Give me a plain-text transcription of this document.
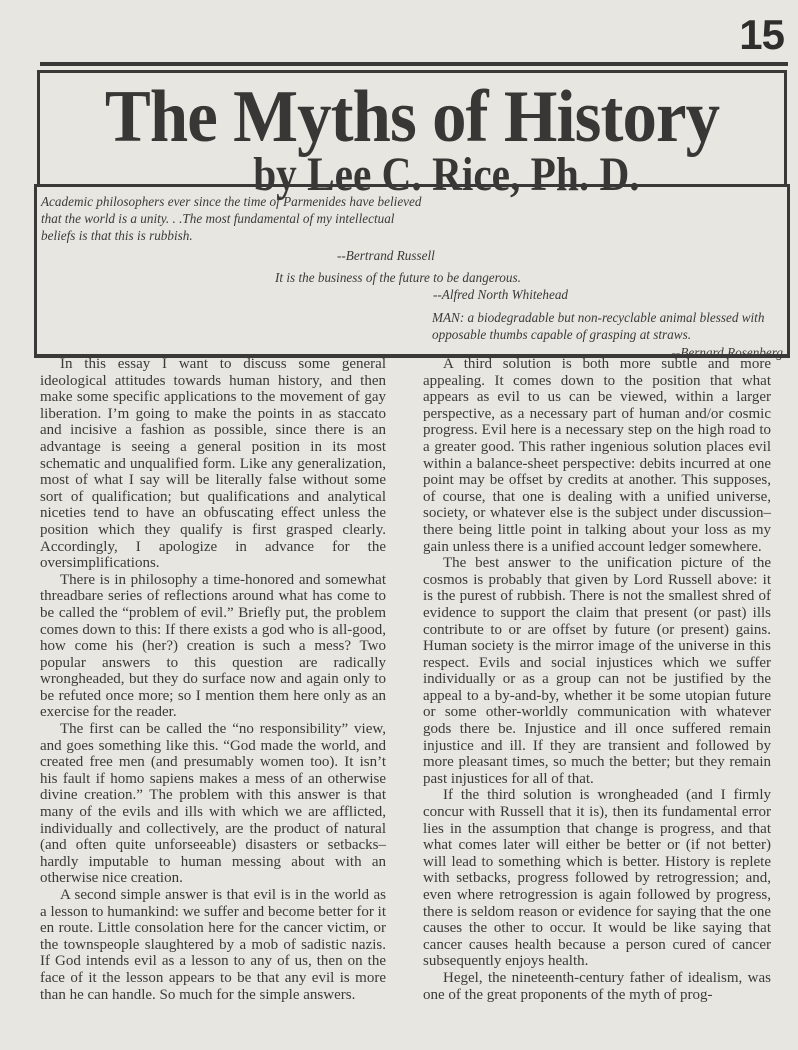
15
The Myths of History
by Lee C. Rice, Ph. D.
Academic philosophers ever since the time of Parmenides have believed that the world is a unity. . .The most fundamental of my intellectual beliefs is that this is rubbish.
--Bertrand Russell
It is the business of the future to be dangerous.
--Alfred North Whitehead
MAN: a biodegradable but non-recyclable animal blessed with opposable thumbs capable of grasping at straws.
--Bernard Rosenberg

In this essay I want to discuss some general ideological attitudes towards human history, and then make some specific applications to the movement of gay liberation. I’m going to make the points in as staccato and incisive a fashion as possible, since there is an advantage is seeing a general position in its most schematic and unqualified form. Like any generalization, most of what I say will be literally false without some sort of qualification; but qualifications and analytical niceties tend to have an obfuscating effect unless the position which they qualify is first grasped clearly. Accordingly, I apologize in advance for the oversimplifications.

There is in philosophy a time-honored and somewhat threadbare series of reflections around what has come to be called the “problem of evil.” Briefly put, the problem comes down to this: If there exists a god who is all-good, how come his (her?) creation is such a mess? Two popular answers to this question are radically wrongheaded, but they do surface now and again only to be refuted once more; so I mention them here only as an exercise for the reader.

The first can be called the “no responsibility” view, and goes something like this. “God made the world, and created free men (and presumably women too). It isn’t his fault if homo sapiens makes a mess of an otherwise divine creation.” The problem with this answer is that many of the evils and ills with which we are afflicted, individually and collectively, are the product of natural (and often quite unforseeable) disasters or setbacks–hardly imputable to human messing about with an otherwise nice creation.

A second simple answer is that evil is in the world as a lesson to humankind: we suffer and become better for it en route. Little consolation here for the cancer victim, or the townspeople slaughtered by a mob of sadistic nazis. If God intends evil as a lesson to any of us, then on the face of it the lesson appears to be that any evil is more than he can handle. So much for the simple answers.

A third solution is both more subtle and more appealing. It comes down to the position that what appears as evil to us can be viewed, within a larger perspective, as a necessary part of human and/or cosmic progress. Evil here is a necessary step on the high road to a greater good. This rather ingenious solution places evil within a balance-sheet perspective: debits incurred at one point may be offset by credits at another. This supposes, of course, that one is dealing with a unified universe, society, or whatever else is the subject under discussion–there being little point in talking about your loss as my gain unless there is a unified account ledger somewhere.

The best answer to the unification picture of the cosmos is probably that given by Lord Russell above: it is the purest of rubbish. There is not the smallest shred of evidence to support the claim that present (or past) ills contribute to or are offset by future (or present) gains. Human society is the mirror image of the universe in this respect. Evils and social injustices which we suffer individually or as a group can not be justified by the appeal to a by-and-by, whether it be some utopian future or some other-worldly communication with whatever gods there be. Injustice and ill once suffered remain injustice and ill. If they are transient and followed by more pleasant times, so much the better; but they remain past injustices for all of that.

If the third solution is wrongheaded (and I firmly concur with Russell that it is), then its fundamental error lies in the assumption that change is progress, and that what comes later will either be better or (if not better) will lead to something which is better. History is replete with setbacks, progress followed by retrogression; and, even where retrogression is again followed by progress, there is seldom reason or evidence for saying that the one causes the other to occur. It would be like saying that cancer causes health because a person cured of cancer subsequently enjoys health.

Hegel, the nineteenth-century father of idealism, was one of the great proponents of the myth of prog-
